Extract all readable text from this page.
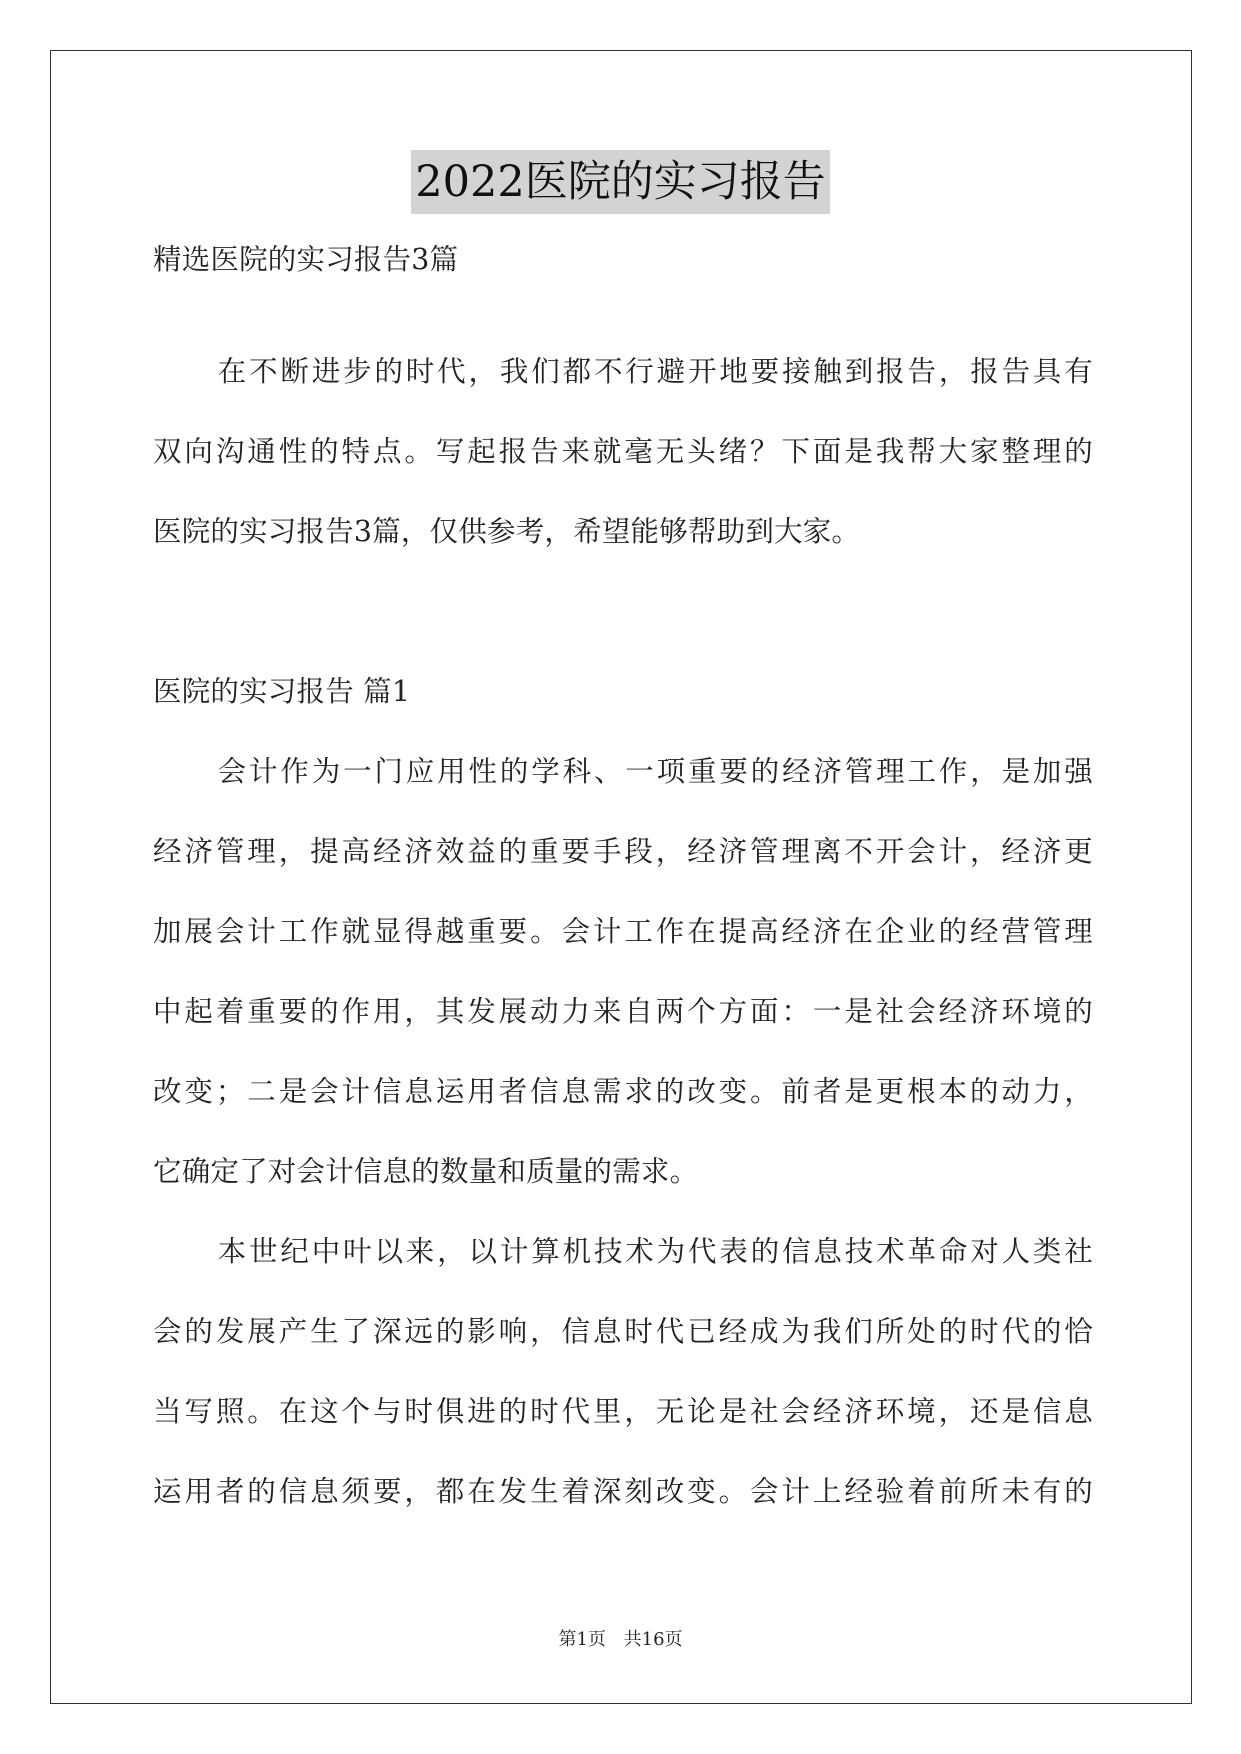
2022医院的实习报告
精选医院的实习报告3篇
在不断进步的时代，我们都不行避开地要接触到报告，报告具有
双向沟通性的特点。写起报告来就毫无头绪？下面是我帮大家整理的
医院的实习报告3篇，仅供参考，希望能够帮助到大家。
医院的实习报告 篇1
会计作为一门应用性的学科、一项重要的经济管理工作，是加强
经济管理，提高经济效益的重要手段，经济管理离不开会计，经济更
加展会计工作就显得越重要。会计工作在提高经济在企业的经营管理
中起着重要的作用，其发展动力来自两个方面：一是社会经济环境的
改变；二是会计信息运用者信息需求的改变。前者是更根本的动力，
它确定了对会计信息的数量和质量的需求。
本世纪中叶以来，以计算机技术为代表的信息技术革命对人类社
会的发展产生了深远的影响，信息时代已经成为我们所处的时代的恰
当写照。在这个与时俱进的时代里，无论是社会经济环境，还是信息
运用者的信息须要，都在发生着深刻改变。会计上经验着前所未有的
第1页 共16页
